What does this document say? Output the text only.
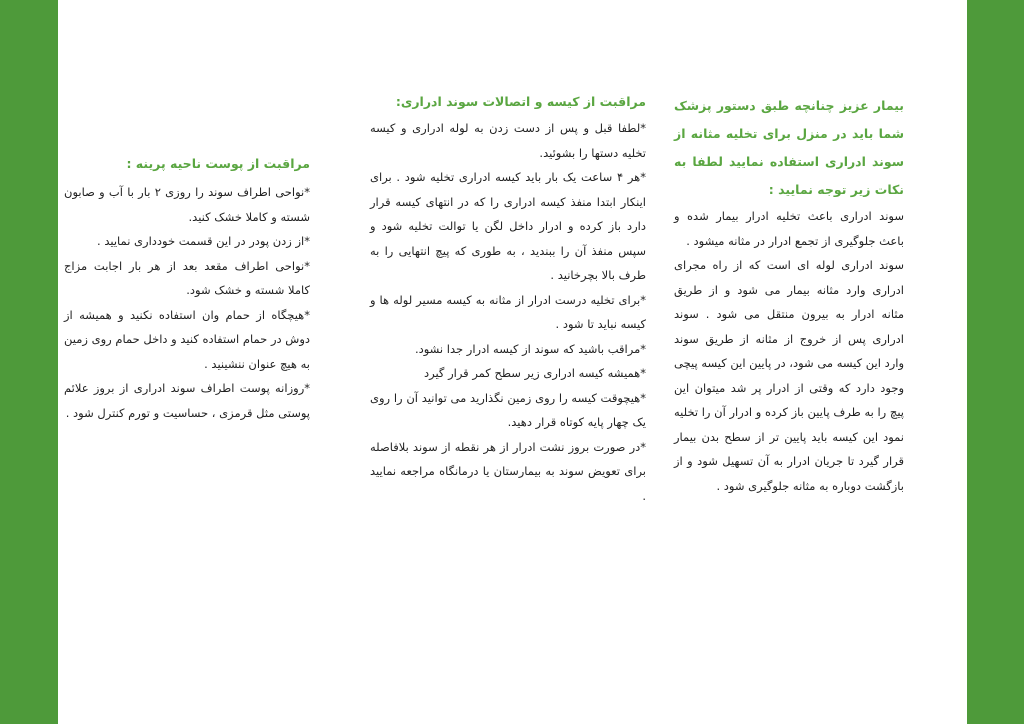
بیمار عزیز چنانچه طبق دستور پزشک شما باید در منزل برای تخلیه مثانه از سوند ادراری استفاده نمایید لطفا به نکات زیر توجه نمایید :

سوند ادراری باعث تخلیه ادرار بیمار شده و باعث جلوگیری از تجمع ادرار در مثانه میشود .

سوند ادراری لوله ای است که از راه مجرای ادراری وارد مثانه بیمار می شود و از طریق مثانه ادرار به بیرون منتقل می شود . سوند ادراری پس از خروج از مثانه از طریق سوند وارد این کیسه می شود، در پایین این کیسه پیچی وجود دارد که وقتی از ادرار پر شد میتوان این پیچ را به طرف پایین باز کرده و ادرار آن را تخلیه نمود این کیسه باید پایین تر از سطح بدن بیمار قرار گیرد تا جریان ادرار به آن تسهیل شود و از بازگشت دوباره به مثانه جلوگیری شود .

مراقبت از کیسه و اتصالات سوند ادراری:

*لطفا قبل و پس از دست زدن به لوله ادراری و کیسه تخلیه دستها را بشوئید.

*هر ۴ ساعت یک بار باید کیسه ادراری تخلیه شود . برای اینکار ابتدا منفذ کیسه ادراری را که در انتهای کیسه قرار دارد باز کرده و ادرار داخل لگن یا توالت تخلیه شود و سپس منفذ آن را ببندید ، به طوری که پیچ انتهایی را به طرف بالا بچرخانید .

*برای تخلیه درست ادرار از مثانه به کیسه مسیر لوله ها و کیسه نباید تا شود .

*مراقب باشید که سوند از کیسه ادرار جدا نشود.

*همیشه کیسه ادراری زیر سطح کمر قرار گیرد

*هیچوقت کیسه را روی زمین نگذارید می توانید آن را روی یک چهار پایه کوتاه قرار دهید.

*در صورت بروز نشت ادرار از هر نقطه از سوند بلافاصله برای تعویض سوند به بیمارستان یا درمانگاه مراجعه نمایید .

مراقبت از پوست ناحیه پرینه :

*نواحی اطراف سوند را روزی ۲ بار با آب و صابون شسته و کاملا خشک کنید.

*از زدن پودر در این قسمت خودداری نمایید .

*نواحی اطراف مقعد بعد از هر بار اجابت مزاج کاملا شسته و خشک شود.

*هیچگاه از حمام وان استفاده نکنید و همیشه از دوش در حمام استفاده کنید و داخل حمام روی زمین به هیچ عنوان ننشینید .

*روزانه پوست اطراف سوند ادراری از بروز علائم پوستی مثل قرمزی ، حساسیت و تورم کنترل شود .
